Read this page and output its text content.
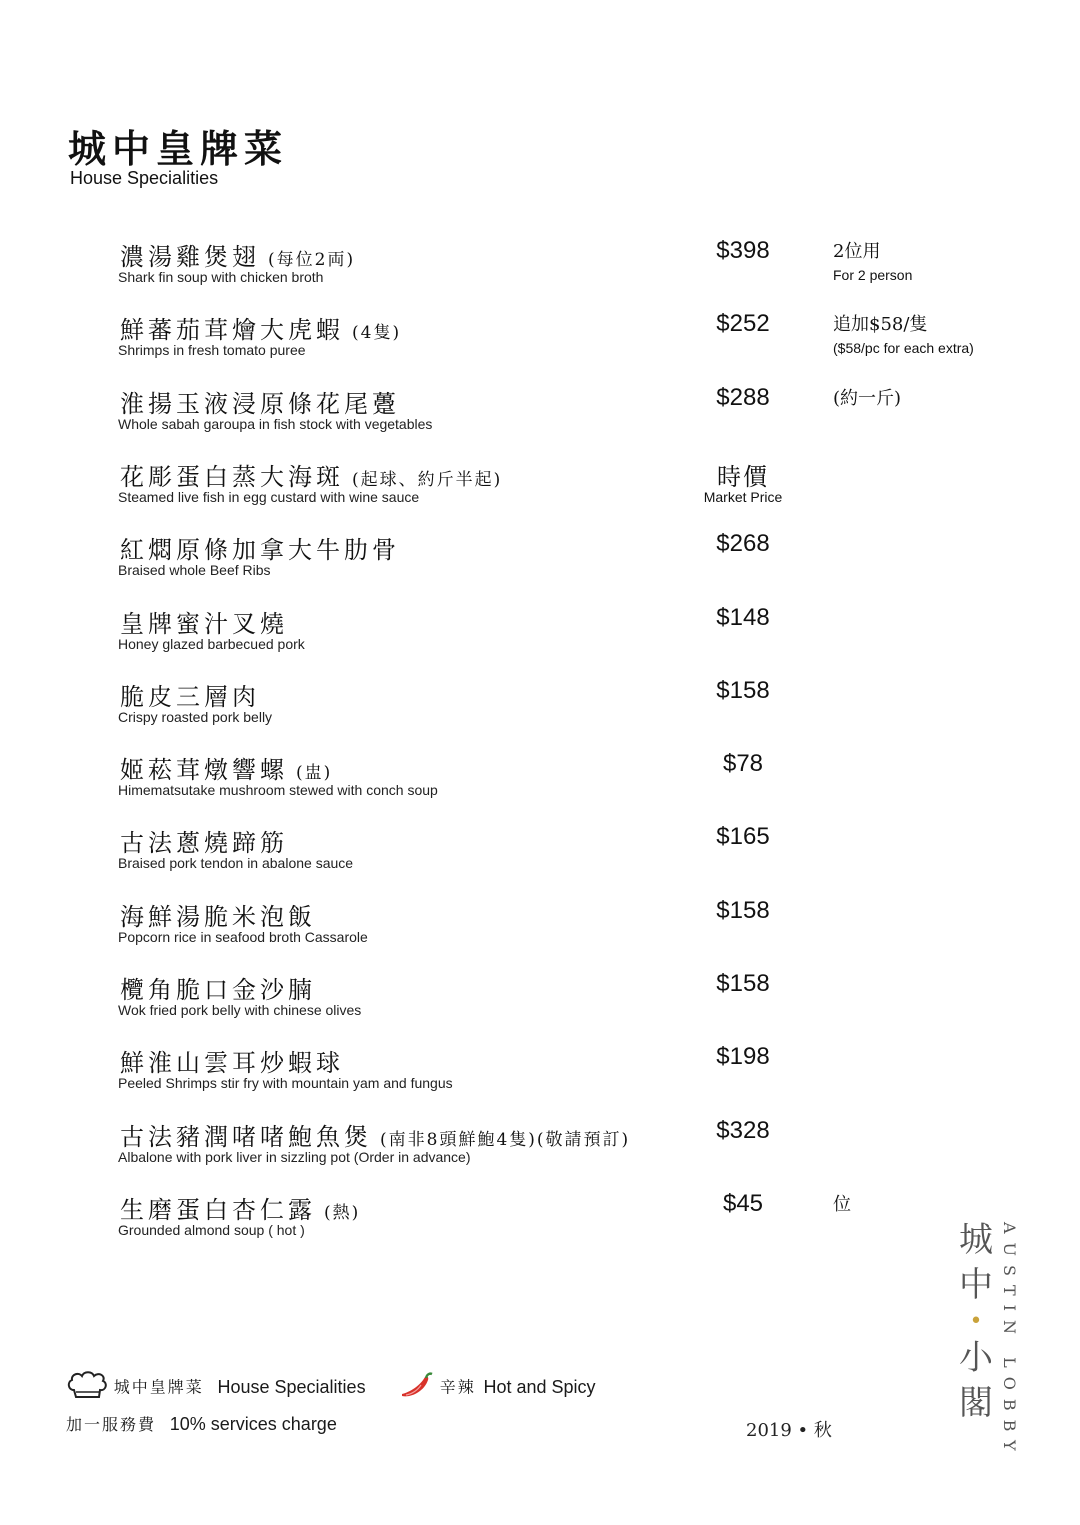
城中皇牌菜
House Specialities
濃湯雞煲翅 (每位2両)
Shark fin soup with chicken broth
$398	2位用
For 2 person
鮮蕃茄茸燴大虎蝦 (4隻)
Shrimps in fresh tomato puree
$252	追加$58/隻
($58/pc for each extra)
淮揚玉液浸原條花尾躉
Whole sabah garoupa in fish stock with vegetables
$288	(約一斤)
花彫蛋白蒸大海斑 (起球、約斤半起)
Steamed live fish in egg custard with wine sauce
時價
Market Price
紅燜原條加拿大牛肋骨
Braised whole Beef Ribs
$268
皇牌蜜汁叉燒
Honey glazed barbecued pork
$148
脆皮三層肉
Crispy roasted pork belly
$158
姬菘茸燉響螺 (盅)
Himematsutake mushroom stewed with conch soup
$78
古法蔥燒蹄筋
Braised pork tendon in abalone sauce
$165
海鮮湯脆米泡飯
Popcorn rice in seafood broth Cassarole
$158
欖角脆口金沙腩
Wok fried pork belly with chinese olives
$158
鮮淮山雲耳炒蝦球
Peeled Shrimps stir fry with mountain yam and fungus
$198
古法豬潤啫啫鮑魚煲 (南非8頭鮮鮑4隻)(敬請預訂)
Albalone with pork liver in sizzling pot (Order in advance)
$328
生磨蛋白杏仁露 (熱)
Grounded almond soup ( hot )
$45	位
城中皇牌菜 House Specialities	辛辣 Hot and Spicy
加一服務費 10% services charge	2019 • 秋
城
中
•
小
閣 AUSTIN LOBBY
